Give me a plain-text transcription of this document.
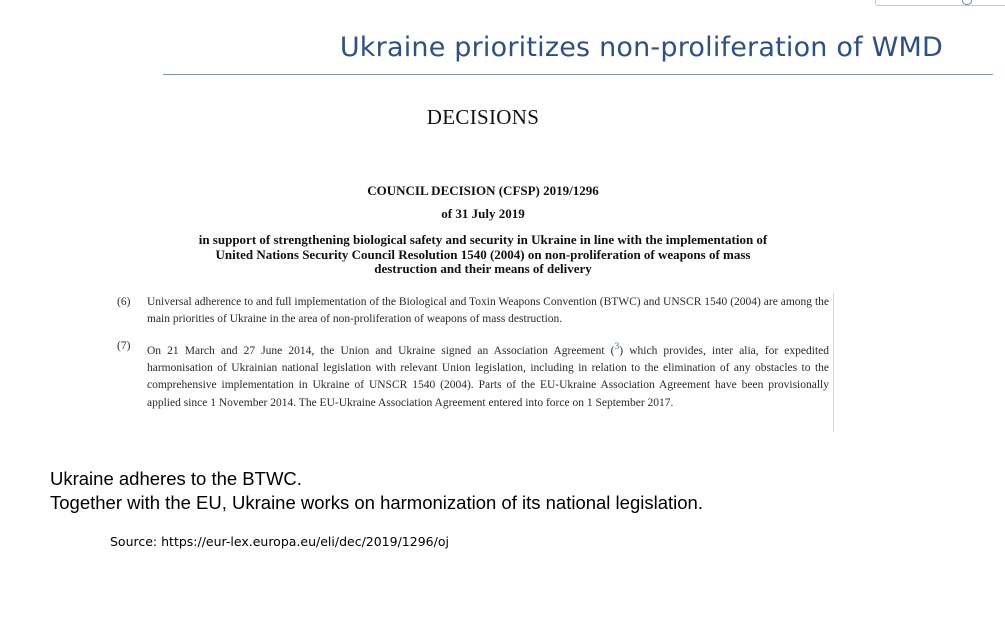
Ukraine prioritizes non-proliferation of WMD
DECISIONS
COUNCIL DECISION (CFSP) 2019/1296
of 31 July 2019
in support of strengthening biological safety and security in Ukraine in line with the implementation of United Nations Security Council Resolution 1540 (2004) on non-proliferation of weapons of mass destruction and their means of delivery
(6)	Universal adherence to and full implementation of the Biological and Toxin Weapons Convention (BTWC) and UNSCR 1540 (2004) are among the main priorities of Ukraine in the area of non-proliferation of weapons of mass destruction.
(7)	On 21 March and 27 June 2014, the Union and Ukraine signed an Association Agreement ($^3$) which provides, inter alia, for expedited harmonisation of Ukrainian national legislation with relevant Union legislation, including in relation to the elimination of any obstacles to the comprehensive implementation in Ukraine of UNSCR 1540 (2004). Parts of the EU-Ukraine Association Agreement have been provisionally applied since 1 November 2014. The EU-Ukraine Association Agreement entered into force on 1 September 2017.
Ukraine adheres to the BTWC.
Together with the EU, Ukraine works on harmonization of its national legislation.
Source: https://eur-lex.europa.eu/eli/dec/2019/1296/oj
